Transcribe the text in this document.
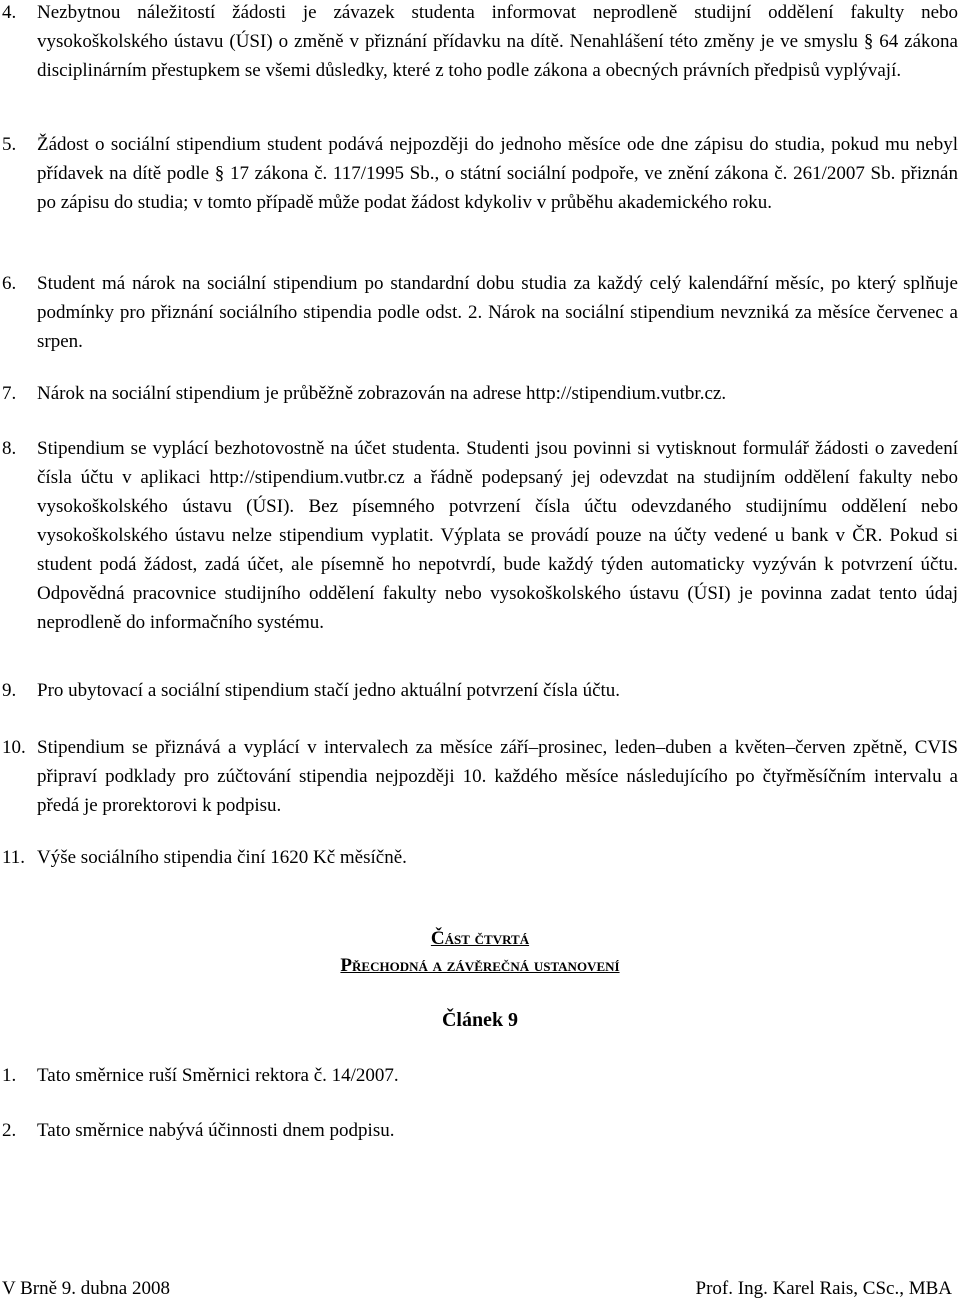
4.	Nezbytnou náležitostí žádosti je závazek studenta informovat neprodleně studijní oddělení fakulty nebo vysokoškolského ústavu (ÚSI) o změně v přiznání přídavku na dítě. Nenahlášení této změny je ve smyslu § 64 zákona disciplinárním přestupkem se všemi důsledky, které z toho podle zákona a obecných právních předpisů vyplývají.
5.	Žádost o sociální stipendium student podává nejpozději do jednoho měsíce ode dne zápisu do studia, pokud mu nebyl přídavek na dítě podle § 17 zákona č. 117/1995 Sb., o státní sociální podpoře, ve znění zákona č. 261/2007 Sb. přiznán po zápisu do studia; v tomto případě může podat žádost kdykoliv v průběhu akademického roku.
6.	Student má nárok na sociální stipendium po standardní dobu studia za každý celý kalendářní měsíc, po který splňuje podmínky pro přiznání sociálního stipendia podle odst. 2. Nárok na sociální stipendium nevzniká za měsíce červenec a srpen.
7.	Nárok na sociální stipendium je průběžně zobrazován na adrese http://stipendium.vutbr.cz.
8.	Stipendium se vyplácí bezhotovostně na účet studenta. Studenti jsou povinni si vytisknout formulář žádosti o zavedení čísla účtu v aplikaci http://stipendium.vutbr.cz a řádně podepsaný jej odevzdat na studijním oddělení fakulty nebo vysokoškolského ústavu (ÚSI). Bez písemného potvrzení čísla účtu odevzdaného studijnímu oddělení nebo vysokoškolského ústavu nelze stipendium vyplatit. Výplata se provádí pouze na účty vedené u bank v ČR. Pokud si student podá žádost, zadá účet, ale písemně ho nepotvrdí, bude každý týden automaticky vyzýván k potvrzení účtu. Odpovědná pracovnice studijního oddělení fakulty nebo vysokoškolského ústavu (ÚSI) je povinna zadat tento údaj neprodleně do informačního systému.
9.	Pro ubytovací a sociální stipendium stačí jedno aktuální potvrzení čísla účtu.
10. Stipendium se přiznává a vyplácí v intervalech za měsíce září–prosinec, leden–duben a květen–červen zpětně, CVIS připraví podklady pro zúčtování stipendia nejpozději 10. každého měsíce následujícího po čtyřměsíčním intervalu a předá je prorektorovi k podpisu.
11. Výše sociálního stipendia činí 1620 Kč měsíčně.
Část čtvrtá
Přechodná a závěrečná ustanovení
Článek 9
1.	Tato směrnice ruší Směrnici rektora č. 14/2007.
2.	Tato směrnice nabývá účinnosti dnem podpisu.
V Brně 9. dubna 2008	Prof. Ing. Karel Rais, CSc., MBA
